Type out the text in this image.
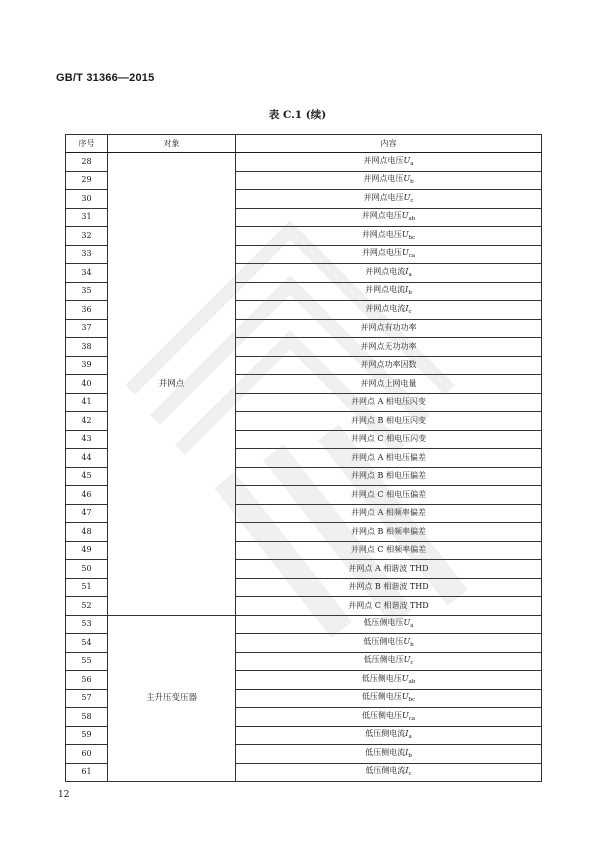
GB/T 31366—2015
表 C.1 (续)
序号	对象	内容
28	并网点	并网点电压$U_a$
29		并网点电压$U_b$
30		并网点电压$U_c$
31		并网点电压$U_{ab}$
32		并网点电压$U_{bc}$
33		并网点电压$U_{ca}$
34		并网点电流$I_a$
35		并网点电流$I_b$
36		并网点电流$I_c$
37		并网点有功功率
38		并网点无功功率
39		并网点功率因数
40		并网点上网电量
41		并网点 A 相电压闪变
42		并网点 B 相电压闪变
43		并网点 C 相电压闪变
44		并网点 A 相电压偏差
45		并网点 B 相电压偏差
46		并网点 C 相电压偏差
47		并网点 A 相频率偏差
48		并网点 B 相频率偏差
49		并网点 C 相频率偏差
50		并网点 A 相谐波 THD
51		并网点 B 相谐波 THD
52		并网点 C 相谐波 THD
53	主升压变压器	低压侧电压$U_a$
54		低压侧电压$U_b$
55		低压侧电压$U_c$
56		低压侧电压$U_{ab}$
57		低压侧电压$U_{bc}$
58		低压侧电压$U_{ca}$
59		低压侧电流$I_a$
60		低压侧电流$I_b$
61		低压侧电流$I_c$
12
